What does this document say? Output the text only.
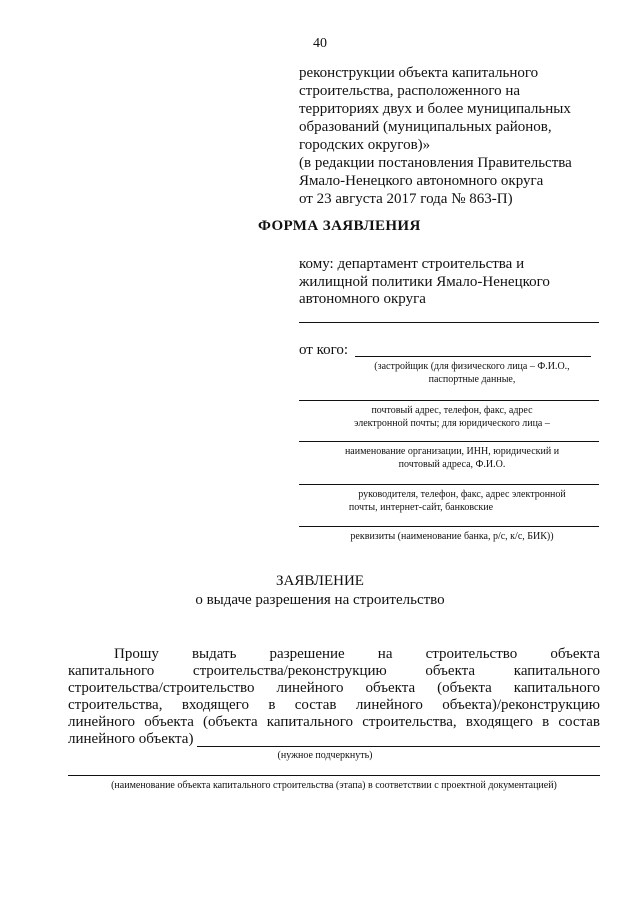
40
реконструкции объекта капитального
строительства, расположенного на
территориях двух и более муниципальных
образований (муниципальных районов,
городских округов)»
(в редакции постановления Правительства
Ямало-Ненецкого автономного округа
от 23 августа 2017 года № 863-П)
ФОРМА ЗАЯВЛЕНИЯ
кому: департамент строительства и
жилищной политики Ямало-Ненецкого
автономного округа
от кого:
(застройщик (для физического лица – Ф.И.О.,
паспортные данные,
почтовый адрес, телефон, факс, адрес
электронной почты; для юридического лица –
наименование организации, ИНН, юридический и
почтовый адреса, Ф.И.О.
руководителя, телефон, факс, адрес электронной
почты, интернет-сайт, банковские
реквизиты (наименование банка, р/с, к/с, БИК))
ЗАЯВЛЕНИЕ
о выдаче разрешения на строительство
Прошу выдать разрешение на строительство объекта
капитального строительства/реконструкцию объекта капитального
строительства/строительство линейного объекта (объекта капитального
строительства, входящего в состав линейного объекта)/реконструкцию
линейного объекта (объекта капитального строительства, входящего в состав
линейного объекта)
(нужное подчеркнуть)
(наименование объекта капитального строительства (этапа) в соответствии с проектной документацией)
